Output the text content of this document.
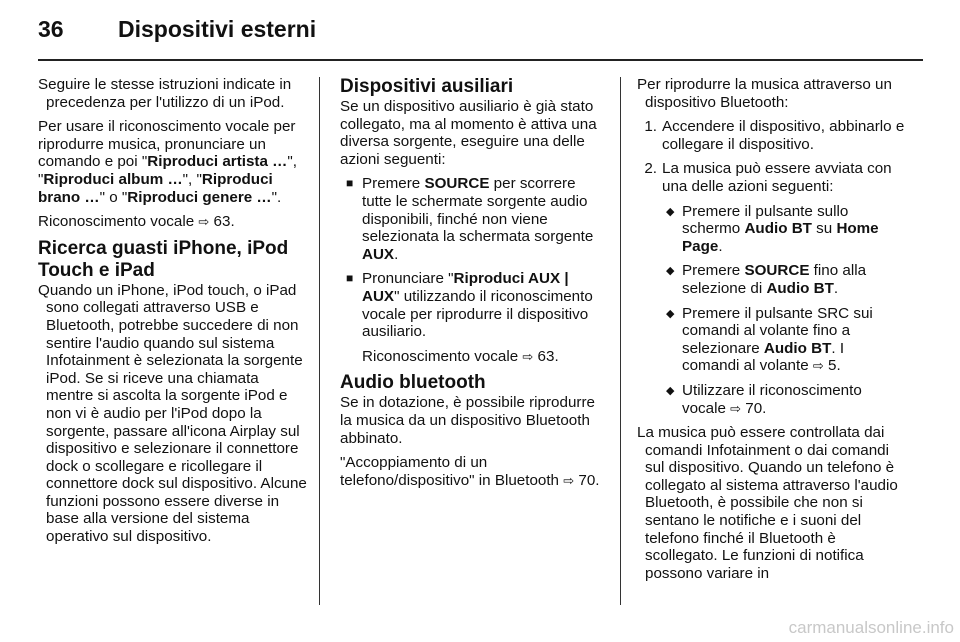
36 Dispositivi esterni

Seguire le stesse istruzioni indicate in precedenza per l'utilizzo di un iPod.

Per usare il riconoscimento vocale per riprodurre musica, pronunciare un comando e poi "Riproduci artista …", "Riproduci album …", "Riproduci brano …" o "Riproduci genere …".

Riconoscimento vocale ⇨ 63.

Ricerca guasti iPhone, iPod Touch e iPad

Quando un iPhone, iPod touch, o iPad sono collegati attraverso USB e Bluetooth, potrebbe succedere di non sentire l'audio quando sul sistema Infotainment è selezionata la sorgente iPod. Se si riceve una chiamata mentre si ascolta la sorgente iPod e non vi è audio per l'iPod dopo la sorgente, passare all'icona Airplay sul dispositivo e selezionare il connettore dock o scollegare e ricollegare il connettore dock sul dispositivo. Alcune funzioni possono essere diverse in base alla versione del sistema operativo sul dispositivo.

Dispositivi ausiliari

Se un dispositivo ausiliario è già stato collegato, ma al momento è attiva una diversa sorgente, eseguire una delle azioni seguenti:

■ Premere SOURCE per scorrere tutte le schermate sorgente audio disponibili, finché non viene selezionata la schermata sorgente AUX.
■ Pronunciare "Riproduci AUX | AUX" utilizzando il riconoscimento vocale per riprodurre il dispositivo ausiliario.
Riconoscimento vocale ⇨ 63.
Audio bluetooth

Se in dotazione, è possibile riprodurre la musica da un dispositivo Bluetooth abbinato.

"Accoppiamento di un telefono/dispositivo" in Bluetooth ⇨ 70.

Per riprodurre la musica attraverso un dispositivo Bluetooth:

1. Accendere il dispositivo, abbinarlo e collegare il dispositivo.
2. La musica può essere avviata con una delle azioni seguenti:
◆ Premere il pulsante sullo schermo Audio BT su Home Page.
◆ Premere SOURCE fino alla selezione di Audio BT.
◆ Premere il pulsante SRC sui comandi al volante fino a selezionare Audio BT. I comandi al volante ⇨ 5.
◆ Utilizzare il riconoscimento vocale ⇨ 70.

La musica può essere controllata dai comandi Infotainment o dai comandi sul dispositivo. Quando un telefono è collegato al sistema attraverso l'audio Bluetooth, è possibile che non si sentano le notifiche e i suoni del telefono finché il Bluetooth è scollegato. Le funzioni di notifica possono variare in

carmanualsonline.info
